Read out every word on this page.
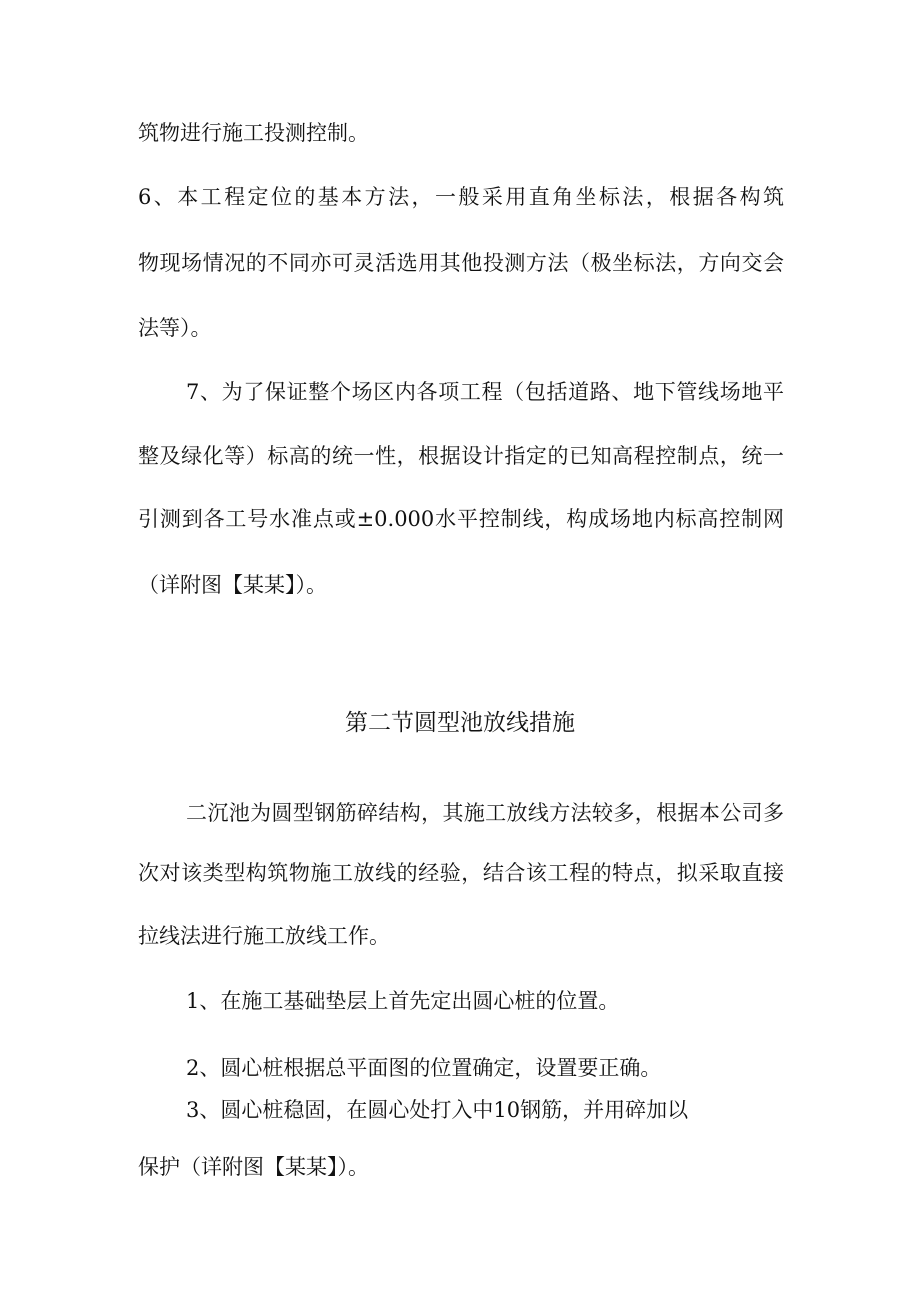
筑物进行施工投测控制。

6、本工程定位的基本方法，一般采用直角坐标法，根据各构筑

物现场情况的不同亦可灵活选用其他投测方法（极坐标法，方向交会

法等）。

7、为了保证整个场区内各项工程（包括道路、地下管线场地平

整及绿化等）标高的统一性，根据设计指定的已知高程控制点，统一

引测到各工号水准点或±0.000水平控制线，构成场地内标高控制网

（详附图【某某】）。

第二节圆型池放线措施

二沉池为圆型钢筋碎结构，其施工放线方法较多，根据本公司多

次对该类型构筑物施工放线的经验，结合该工程的特点，拟采取直接

拉线法进行施工放线工作。

1、在施工基础垫层上首先定出圆心桩的位置。

2、圆心桩根据总平面图的位置确定，设置要正确。

3、圆心桩稳固，在圆心处打入中10钢筋，并用碎加以

保护（详附图【某某】）。
